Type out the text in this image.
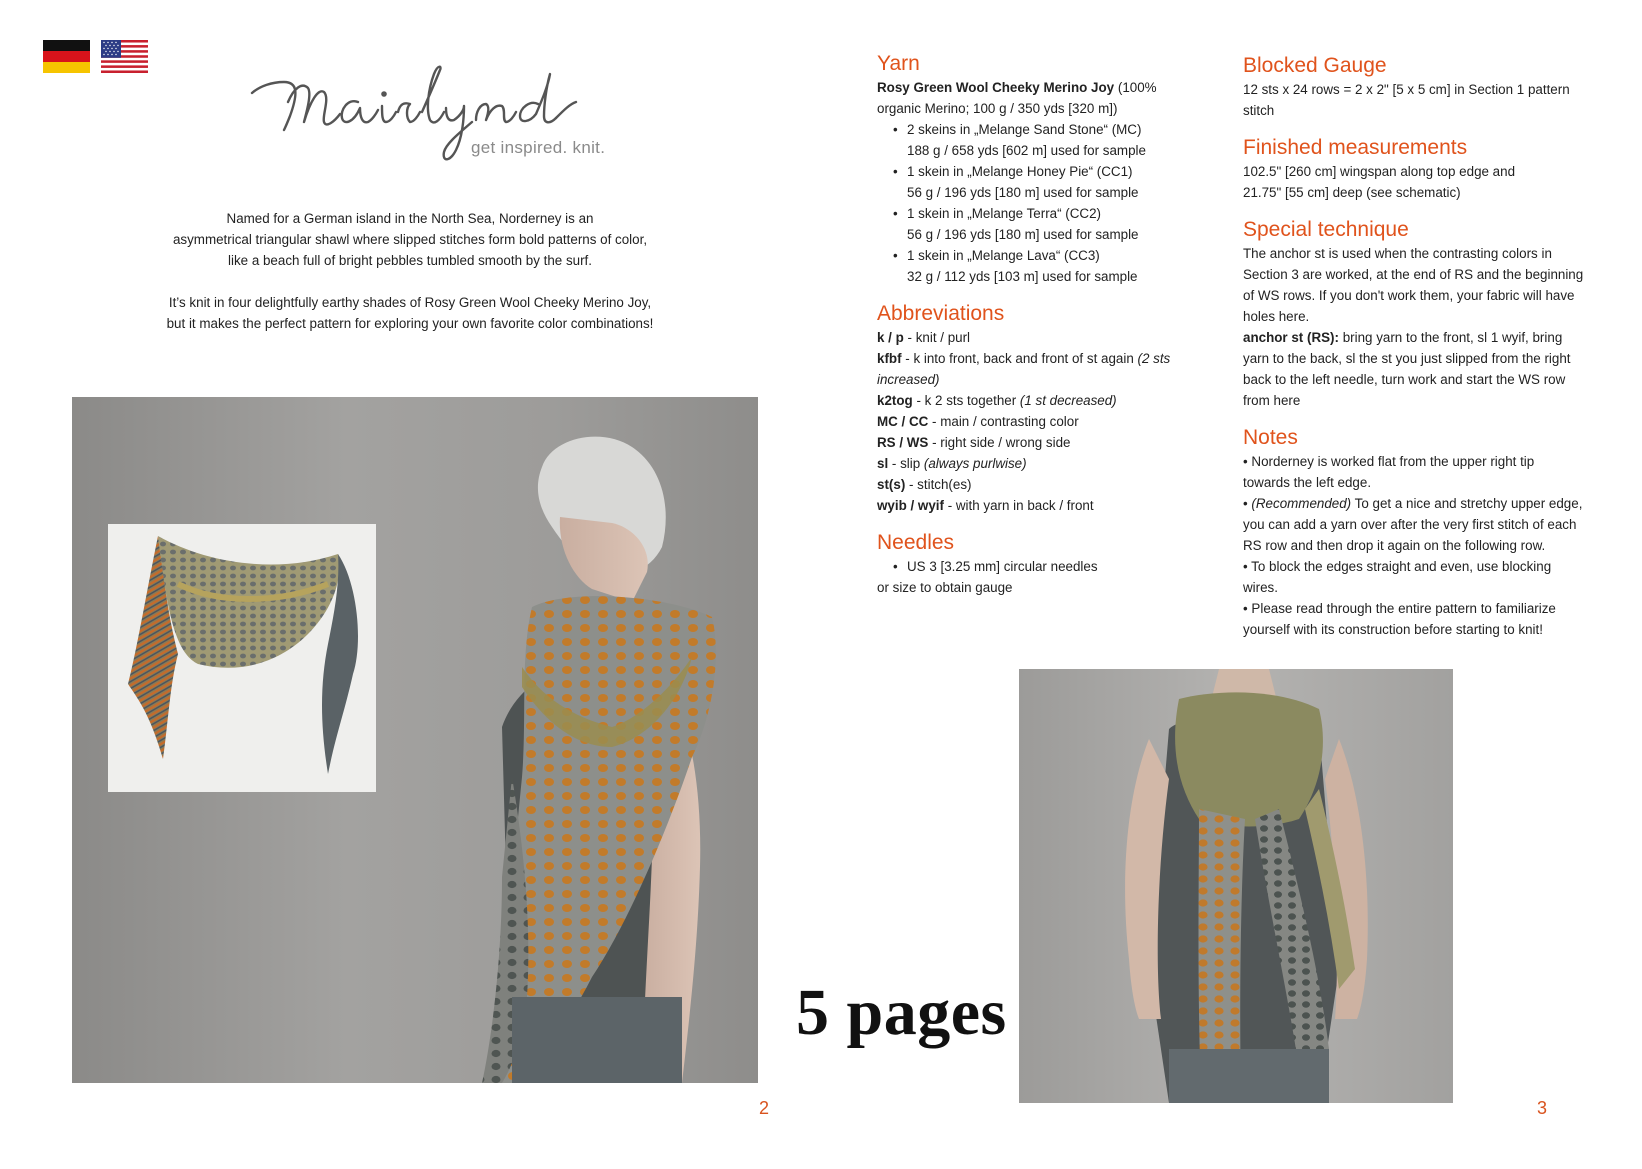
get inspired. knit.

Named for a German island in the North Sea, Norderney is an
asymmetrical triangular shawl where slipped stitches form bold patterns of color,
like a beach full of bright pebbles tumbled smooth by the surf.

It’s knit in four delightfully earthy shades of Rosy Green Wool Cheeky Merino Joy,
but it makes the perfect pattern for exploring your own favorite color combinations!

2
5 pages
Yarn
Rosy Green Wool Cheeky Merino Joy (100%
organic Merino; 100 g / 350 yds [320 m])
• 2 skeins in „Melange Sand Stone“ (MC)
188 g / 658 yds [602 m] used for sample
• 1 skein in „Melange Honey Pie“ (CC1)
56 g / 196 yds [180 m] used for sample
• 1 skein in „Melange Terra“ (CC2)
56 g / 196 yds [180 m] used for sample
• 1 skein in „Melange Lava“ (CC3)
32 g / 112 yds [103 m] used for sample
Abbreviations
k / p - knit / purl
kfbf - k into front, back and front of st again (2 sts
increased)
k2tog - k 2 sts together (1 st decreased)
MC / CC - main / contrasting color
RS / WS - right side / wrong side
sl - slip (always purlwise)
st(s) - stitch(es)
wyib / wyif - with yarn in back / front
Needles
• US 3 [3.25 mm] circular needles
or size to obtain gauge
Blocked Gauge
12 sts x 24 rows = 2 x 2" [5 x 5 cm] in Section 1 pattern
stitch
Finished measurements
102.5" [260 cm] wingspan along top edge and
21.75" [55 cm] deep (see schematic)
Special technique
The anchor st is used when the contrasting colors in
Section 3 are worked, at the end of RS and the beginning
of WS rows. If you don't work them, your fabric will have
holes here.
anchor st (RS): bring yarn to the front, sl 1 wyif, bring
yarn to the back, sl the st you just slipped from the right
back to the left needle, turn work and start the WS row
from here
Notes
• Norderney is worked flat from the upper right tip
towards the left edge.
• (Recommended) To get a nice and stretchy upper edge,
you can add a yarn over after the very first stitch of each
RS row and then drop it again on the following row.
• To block the edges straight and even, use blocking
wires.
• Please read through the entire pattern to familiarize
yourself with its construction before starting to knit!
3
